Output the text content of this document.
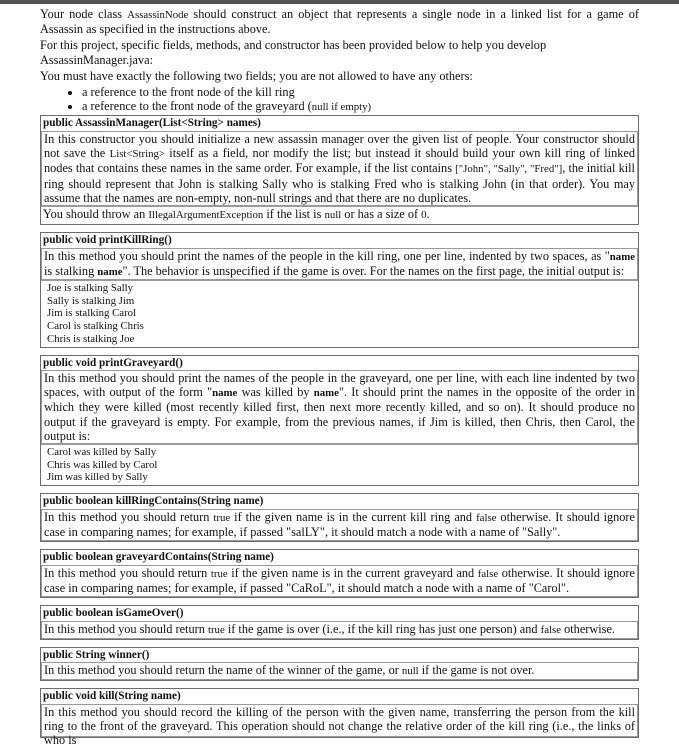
Your node class AssassinNode should construct an object that represents a single node in a linked list for a game of Assassin as specified in the instructions above.

For this project, specific fields, methods, and constructor has been provided below to help you develop
AssassinManager.java:

You must have exactly the following two fields; you are not allowed to have any others:

• a reference to the front node of the kill ring
• a reference to the front node of the graveyard (null if empty)
public AssassinManager(List<String> names)

In this constructor you should initialize a new assassin manager over the given list of people. Your constructor should not save the List<String> itself as a field, nor modify the list; but instead it should build your own kill ring of linked nodes that contains these names in the same order. For example, if the list contains ["John", "Sally", "Fred"], the initial kill ring should represent that John is stalking Sally who is stalking Fred who is stalking John (in that order). You may assume that the names are non-empty, non-null strings and that there are no duplicates.

You should throw an IllegalArgumentException if the list is null or has a size of 0.
public void printKillRing()

In this method you should print the names of the people in the kill ring, one per line, indented by two spaces, as "name is stalking name". The behavior is unspecified if the game is over. For the names on the first page, the initial output is:

Joe is stalking Sally
Sally is stalking Jim
Jim is stalking Carol
Carol is stalking Chris
Chris is stalking Joe
public void printGraveyard()

In this method you should print the names of the people in the graveyard, one per line, with each line indented by two spaces, with output of the form "name was killed by name". It should print the names in the opposite of the order in which they were killed (most recently killed first, then next more recently killed, and so on). It should produce no output if the graveyard is empty. For example, from the previous names, if Jim is killed, then Chris, then Carol, the output is:

Carol was killed by Sally
Chris was killed by Carol
Jim was killed by Sally
public boolean killRingContains(String name)

In this method you should return true if the given name is in the current kill ring and false otherwise. It should ignore case in comparing names; for example, if passed "salLY", it should match a node with a name of "Sally".

public boolean graveyardContains(String name)

In this method you should return true if the given name is in the current graveyard and false otherwise. It should ignore case in comparing names; for example, if passed "CaRoL", it should match a node with a name of "Carol".

public boolean isGameOver()

In this method you should return true if the game is over (i.e., if the kill ring has just one person) and false otherwise.

public String winner()

In this method you should return the name of the winner of the game, or null if the game is not over.

public void kill(String name)

In this method you should record the killing of the person with the given name, transferring the person from the kill ring to the front of the graveyard. This operation should not change the relative order of the kill ring (i.e., the links of who is
